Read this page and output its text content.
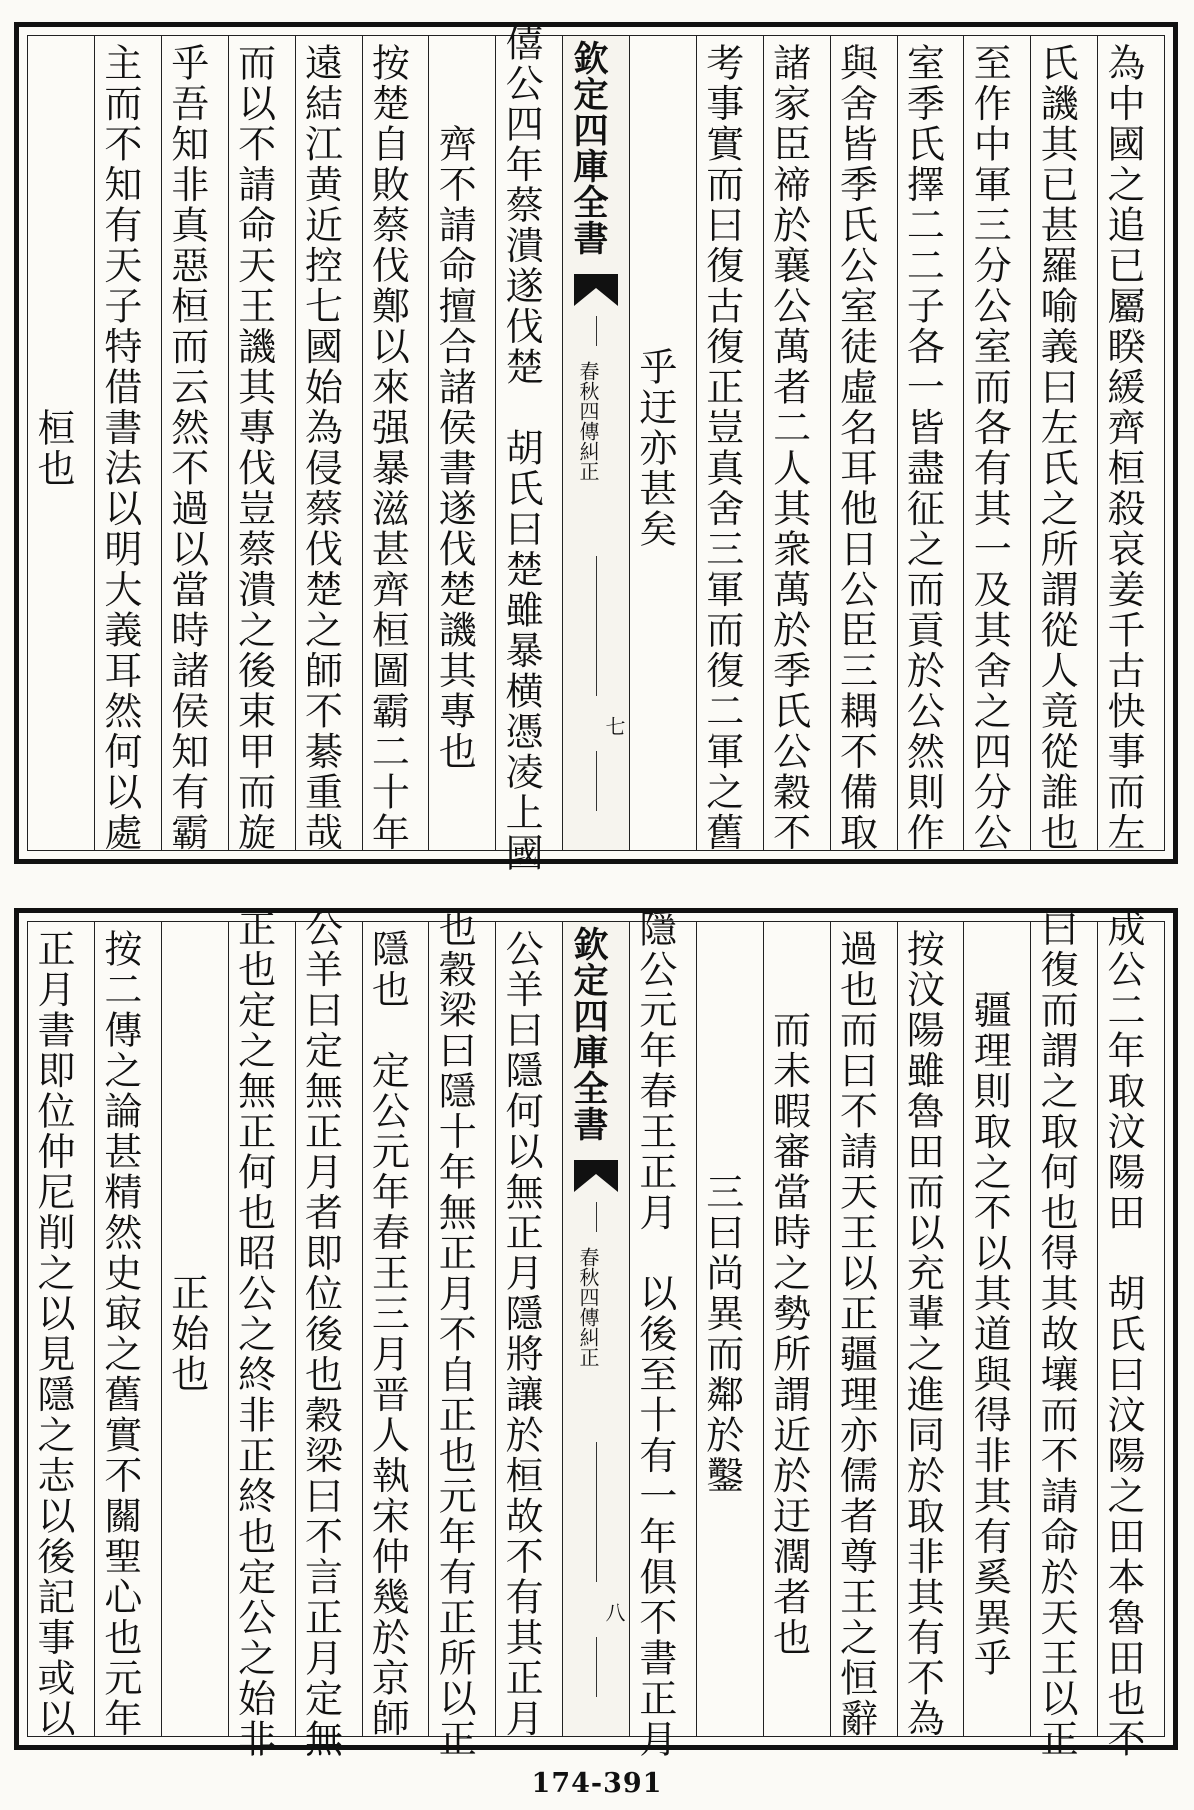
為中國之追已屬睽緩齊桓殺哀姜千古快事而左
氏譏其已甚羅喻義曰左氏之所謂從人竟從誰也
至作中軍三分公室而各有其一及其舍之四分公
室季氏擇二二子各一皆盡征之而貢於公然則作
與舍皆季氏公室徒虛名耳他日公臣三耦不備取
諸家臣禘於襄公萬者二人其衆萬於季氏公穀不
考事實而曰復古復正豈真舍三軍而復二軍之舊
乎迂亦甚矣
欽定四庫全書
春秋四傳糾正
七
僖公四年蔡潰遂伐楚　胡氏曰楚雖暴横憑凌上國
齊不請命擅合諸侯書遂伐楚譏其專也
按楚自敗蔡伐鄭以來强暴滋甚齊桓圖霸二十年
遠結江黄近控七國始為侵蔡伐楚之師不綦重哉
而以不請命天王譏其專伐豈蔡潰之後束甲而旋
乎吾知非真惡桓而云然不過以當時諸侯知有霸
主而不知有天子特借書法以明大義耳然何以處
桓也
成公二年取汶陽田　胡氏曰汶陽之田本魯田也不
曰復而謂之取何也得其故壤而不請命於天王以正
疆理則取之不以其道與得非其有奚異乎
按汶陽雖魯田而以充輩之進同於取非其有不為
過也而曰不請天王以正疆理亦儒者尊王之恒辭
而未暇審當時之勢所謂近於迂濶者也
三曰尚異而鄰於鑿
隱公元年春王正月　以後至十有一年俱不書正月
欽定四庫全書
春秋四傳糾正
八
公羊曰隱何以無正月隱將讓於桓故不有其正月
也穀梁曰隱十年無正月不自正也元年有正所以正
隱也　定公元年春王三月晋人執宋仲幾於京師
公羊曰定無正月者即位後也穀梁曰不言正月定無
正也定之無正何也昭公之終非正終也定公之始非
正始也
按二傳之論甚精然史㝡之舊實不關聖心也元年
正月書即位仲尼削之以見隱之志以後記事或以
174-391
